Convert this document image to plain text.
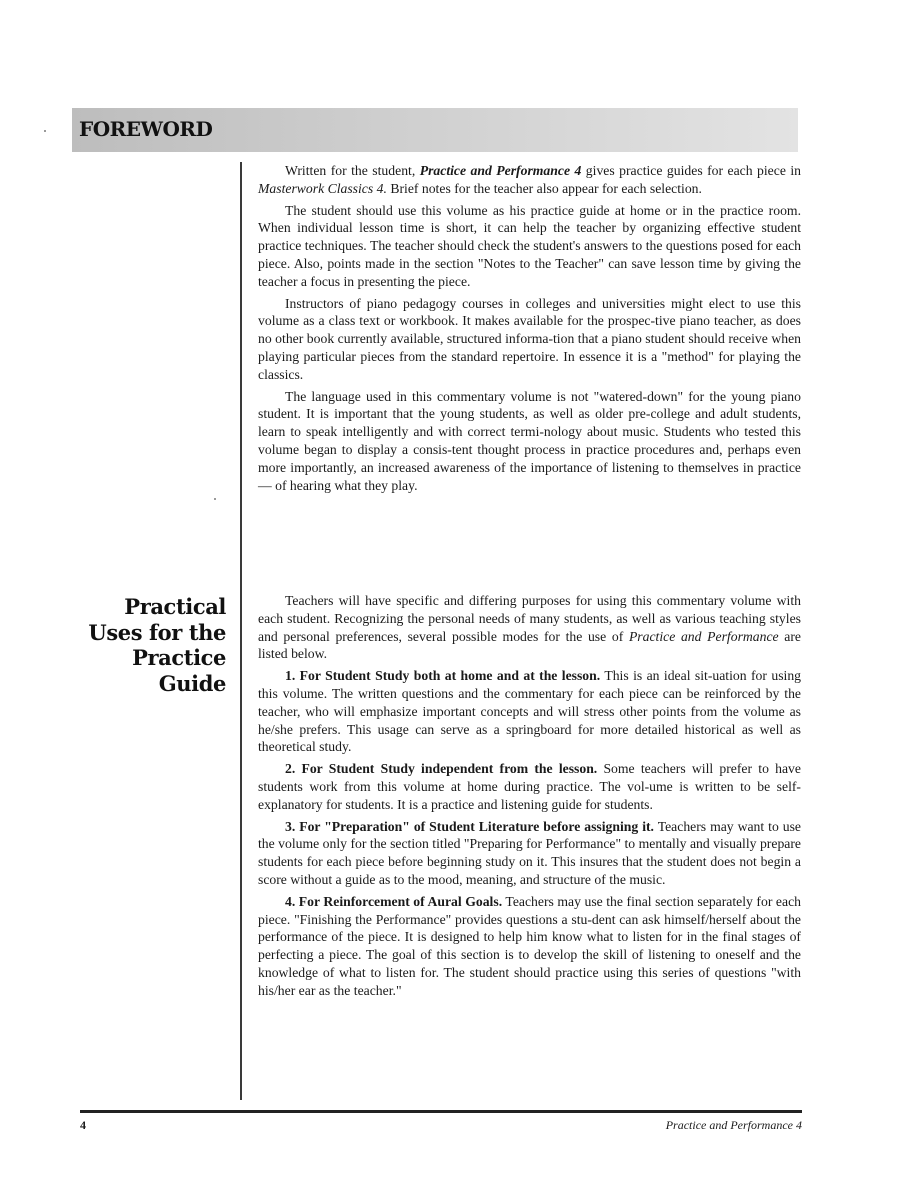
FOREWORD

Written for the student, Practice and Performance 4 gives practice guides for each piece in Masterwork Classics 4. Brief notes for the teacher also appear for each selection.

The student should use this volume as his practice guide at home or in the practice room. When individual lesson time is short, it can help the teacher by organizing effective student practice techniques. The teacher should check the student's answers to the questions posed for each piece. Also, points made in the section "Notes to the Teacher" can save lesson time by giving the teacher a focus in presenting the piece.

Instructors of piano pedagogy courses in colleges and universities might elect to use this volume as a class text or workbook. It makes available for the prospec-tive piano teacher, as does no other book currently available, structured informa-tion that a piano student should receive when playing particular pieces from the standard repertoire. In essence it is a "method" for playing the classics.

The language used in this commentary volume is not "watered-down" for the young piano student. It is important that the young students, as well as older pre-college and adult students, learn to speak intelligently and with correct termi-nology about music. Students who tested this volume began to display a consis-tent thought process in practice procedures and, perhaps even more importantly, an increased awareness of the importance of listening to themselves in practice — of hearing what they play.

Practical Uses for the Practice Guide

Teachers will have specific and differing purposes for using this commentary volume with each student. Recognizing the personal needs of many students, as well as various teaching styles and personal preferences, several possible modes for the use of Practice and Performance are listed below.

1. For Student Study both at home and at the lesson. This is an ideal sit-uation for using this volume. The written questions and the commentary for each piece can be reinforced by the teacher, who will emphasize important concepts and will stress other points from the volume as he/she prefers. This usage can serve as a springboard for more detailed historical as well as theoretical study.

2. For Student Study independent from the lesson. Some teachers will prefer to have students work from this volume at home during practice. The vol-ume is written to be self-explanatory for students. It is a practice and listening guide for students.

3. For "Preparation" of Student Literature before assigning it. Teachers may want to use the volume only for the section titled "Preparing for Performance" to mentally and visually prepare students for each piece before beginning study on it. This insures that the student does not begin a score without a guide as to the mood, meaning, and structure of the music.

4. For Reinforcement of Aural Goals. Teachers may use the final section separately for each piece. "Finishing the Performance" provides questions a stu-dent can ask himself/herself about the performance of the piece. It is designed to help him know what to listen for in the final stages of perfecting a piece. The goal of this section is to develop the skill of listening to oneself and the knowledge of what to listen for. The student should practice using this series of questions "with his/her ear as the teacher."

4	Practice and Performance 4
